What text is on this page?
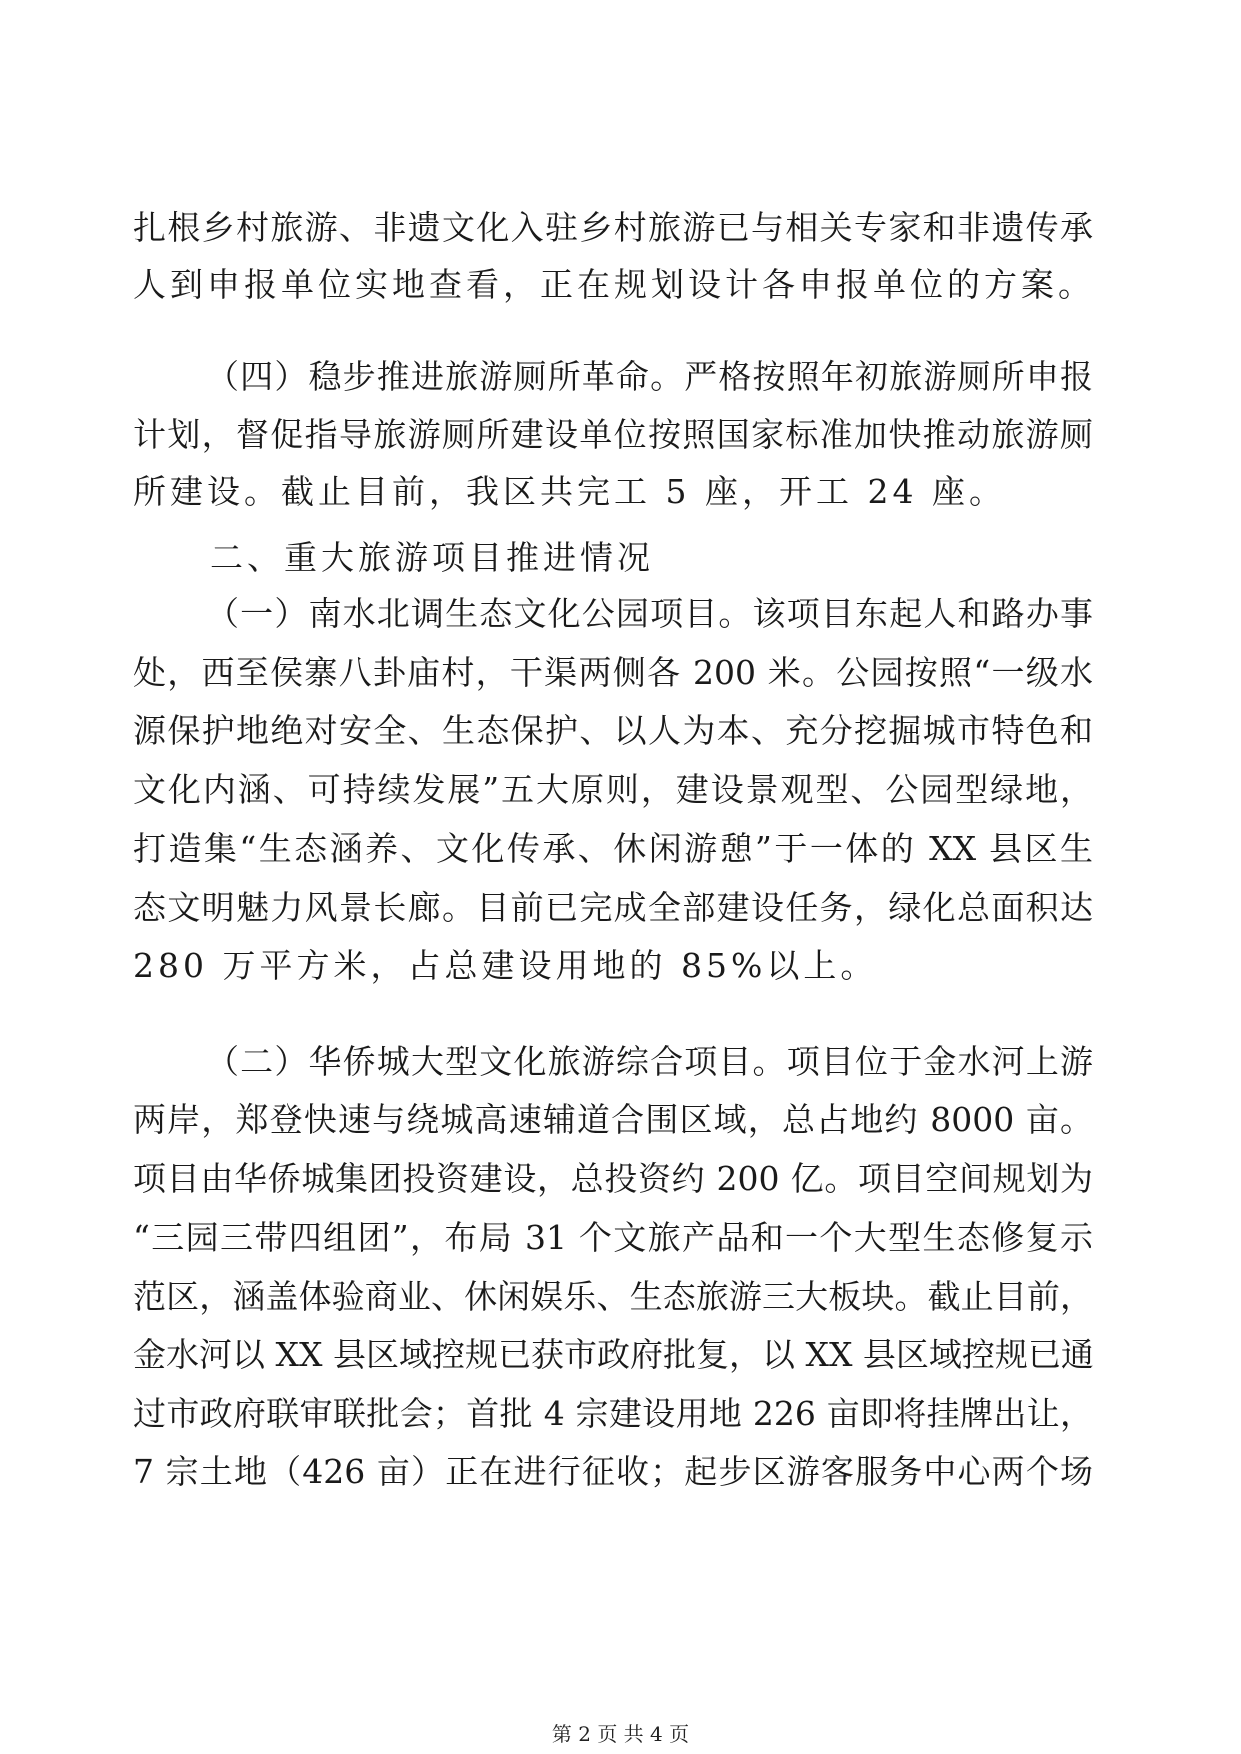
扎根乡村旅游、非遗文化入驻乡村旅游已与相关专家和非遗传承
人到申报单位实地查看，正在规划设计各申报单位的方案。
（四）稳步推进旅游厕所革命。严格按照年初旅游厕所申报
计划，督促指导旅游厕所建设单位按照国家标准加快推动旅游厕
所建设。截止目前，我区共完工 5 座，开工 24 座。
二、重大旅游项目推进情况
（一）南水北调生态文化公园项目。该项目东起人和路办事
处，西至侯寨八卦庙村，干渠两侧各 200 米。公园按照“一级水
源保护地绝对安全、生态保护、以人为本、充分挖掘城市特色和
文化内涵、可持续发展”五大原则，建设景观型、公园型绿地，
打造集“生态涵养、文化传承、休闲游憩”于一体的 XX 县区生
态文明魅力风景长廊。目前已完成全部建设任务，绿化总面积达
280 万平方米，占总建设用地的 85%以上。
（二）华侨城大型文化旅游综合项目。项目位于金水河上游
两岸，郑登快速与绕城高速辅道合围区域，总占地约 8000 亩。
项目由华侨城集团投资建设，总投资约 200 亿。项目空间规划为
“三园三带四组团”，布局 31 个文旅产品和一个大型生态修复示
范区，涵盖体验商业、休闲娱乐、生态旅游三大板块。截止目前，
金水河以 XX 县区域控规已获市政府批复，以 XX 县区域控规已通
过市政府联审联批会；首批 4 宗建设用地 226 亩即将挂牌出让，
7 宗土地（426 亩）正在进行征收；起步区游客服务中心两个场
第 2 页 共 4 页
